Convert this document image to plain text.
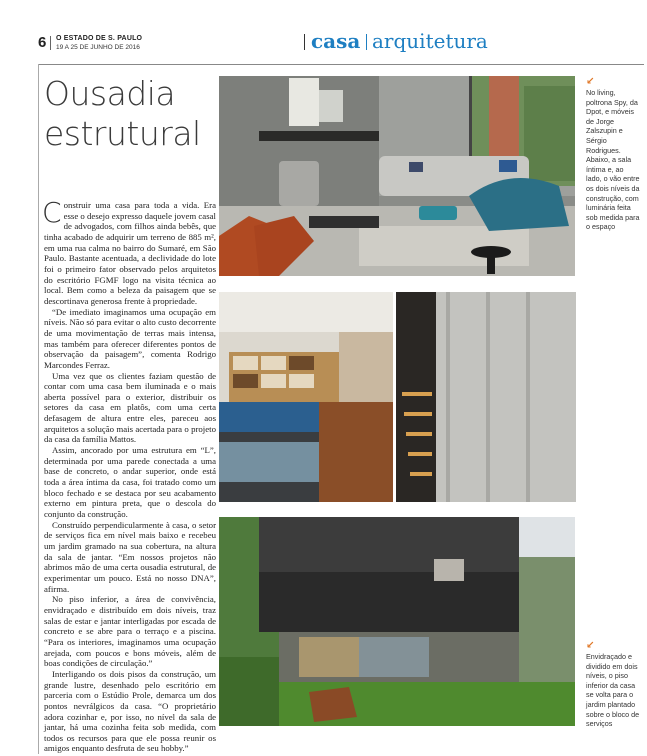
6 O ESTADO DE S. PAULO
19 A 25 DE JUNHO DE 2016	casa arquitetura
Ousadia
estrutural

Construir uma casa para toda a vida. Era esse o desejo expresso daquele jovem casal de advogados, com filhos ainda bebês, que tinha acabado de adquirir um terreno de 885 m², em uma rua calma no bairro do Sumaré, em São Paulo. Bastante acentuada, a declividade do lote foi o primeiro fator observado pelos arquitetos do escritório FGMF logo na visita técnica ao local. Bem como a beleza da paisagem que se descortinava generosa frente à propriedade.

“De imediato imaginamos uma ocupação em níveis. Não só para evitar o alto custo decorrente de uma movimentação de terras mais intensa, mas também para oferecer diferentes pontos de observação da paisagem”, comenta Rodrigo Marcondes Ferraz.

Uma vez que os clientes faziam questão de contar com uma casa bem iluminada e o mais aberta possível para o exterior, distribuir os setores da casa em platôs, com uma certa defasagem de altura entre eles, pareceu aos arquitetos a solução mais acertada para o projeto da casa da família Mattos.

Assim, ancorado por uma estrutura em “L”, determinada por uma parede conectada a uma base de concreto, o andar superior, onde está toda a área íntima da casa, foi tratado como um bloco fechado e se destaca por seu acabamento externo em pintura preta, que o descola do conjunto da construção.

Construído perpendicularmente à casa, o setor de serviços fica em nível mais baixo e recebeu um jardim gramado na sua cobertura, na altura da sala de jantar. “Em nossos projetos não abrimos mão de uma certa ousadia estrutural, de experimentar um pouco. Está no nosso DNA”, afirma.

No piso inferior, a área de convivência, envidraçado e distribuído em dois níveis, traz salas de estar e jantar interligadas por escada de concreto e se abre para o terraço e a piscina. “Para os interiores, imaginamos uma ocupação arejada, com poucos e bons móveis, além de boas condições de circulação.”

Interligando os dois pisos da construção, um grande lustre, desenhado pelo escritório em parceria com o Estúdio Prole, demarca um dos pontos nevrálgicos da casa. “O proprietário adora cozinhar e, por isso, no nível da sala de jantar, há uma cozinha feita sob medida, com todos os recursos para que ele possa reunir os amigos enquanto desfruta de seu hobby.”

↙
No living, poltrona Spy, da Dpot, e móveis de Jorge Zalszupin e Sérgio Rodrigues. Abaixo, a sala íntima e, ao lado, o vão entre os dois níveis da construção, com luminária feita sob medida para o espaço
↙
Envidraçado e dividido em dois níveis, o piso inferior da casa se volta para o jardim plantado sobre o bloco de serviços
